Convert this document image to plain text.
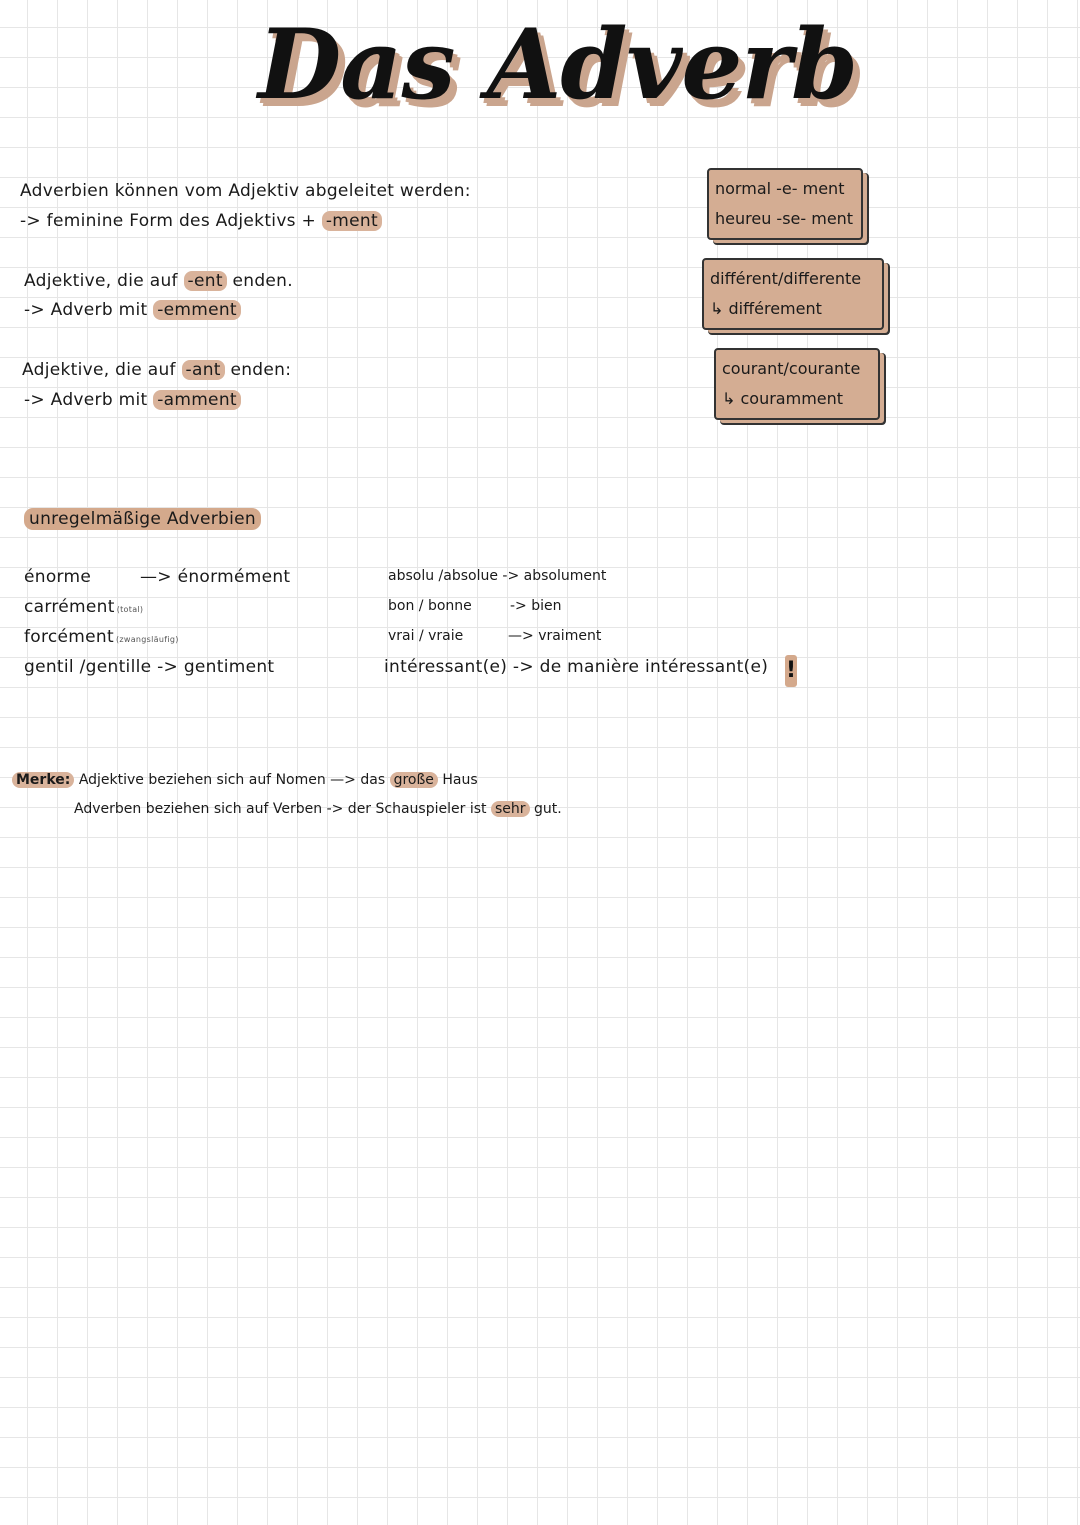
Das Adverb
Adverbien können vom Adjektiv abgeleitet werden:
-> feminine Form des Adjektivs + -ment
Adjektive, die auf -ent enden.
-> Adverb mit -emment
Adjektive, die auf -ant enden:
-> Adverb mit -amment
normal -e- ment
heureu -se- ment
différent/differente
↳ différement
courant/courante
↳ couramment
unregelmäßige Adverbien
énorme	—> énormément
carrément (total)
forcément (zwangsläufig)
gentil /gentille -> gentiment
absolu /absolue -> absolument
bon / bonne	-> bien
vrai / vraie	—> vraiment
intéressant(e) -> de manière intéressant(e) !
Merke: Adjektive beziehen sich auf Nomen —> das große Haus
Adverben beziehen sich auf Verben -> der Schauspieler ist sehr gut.
